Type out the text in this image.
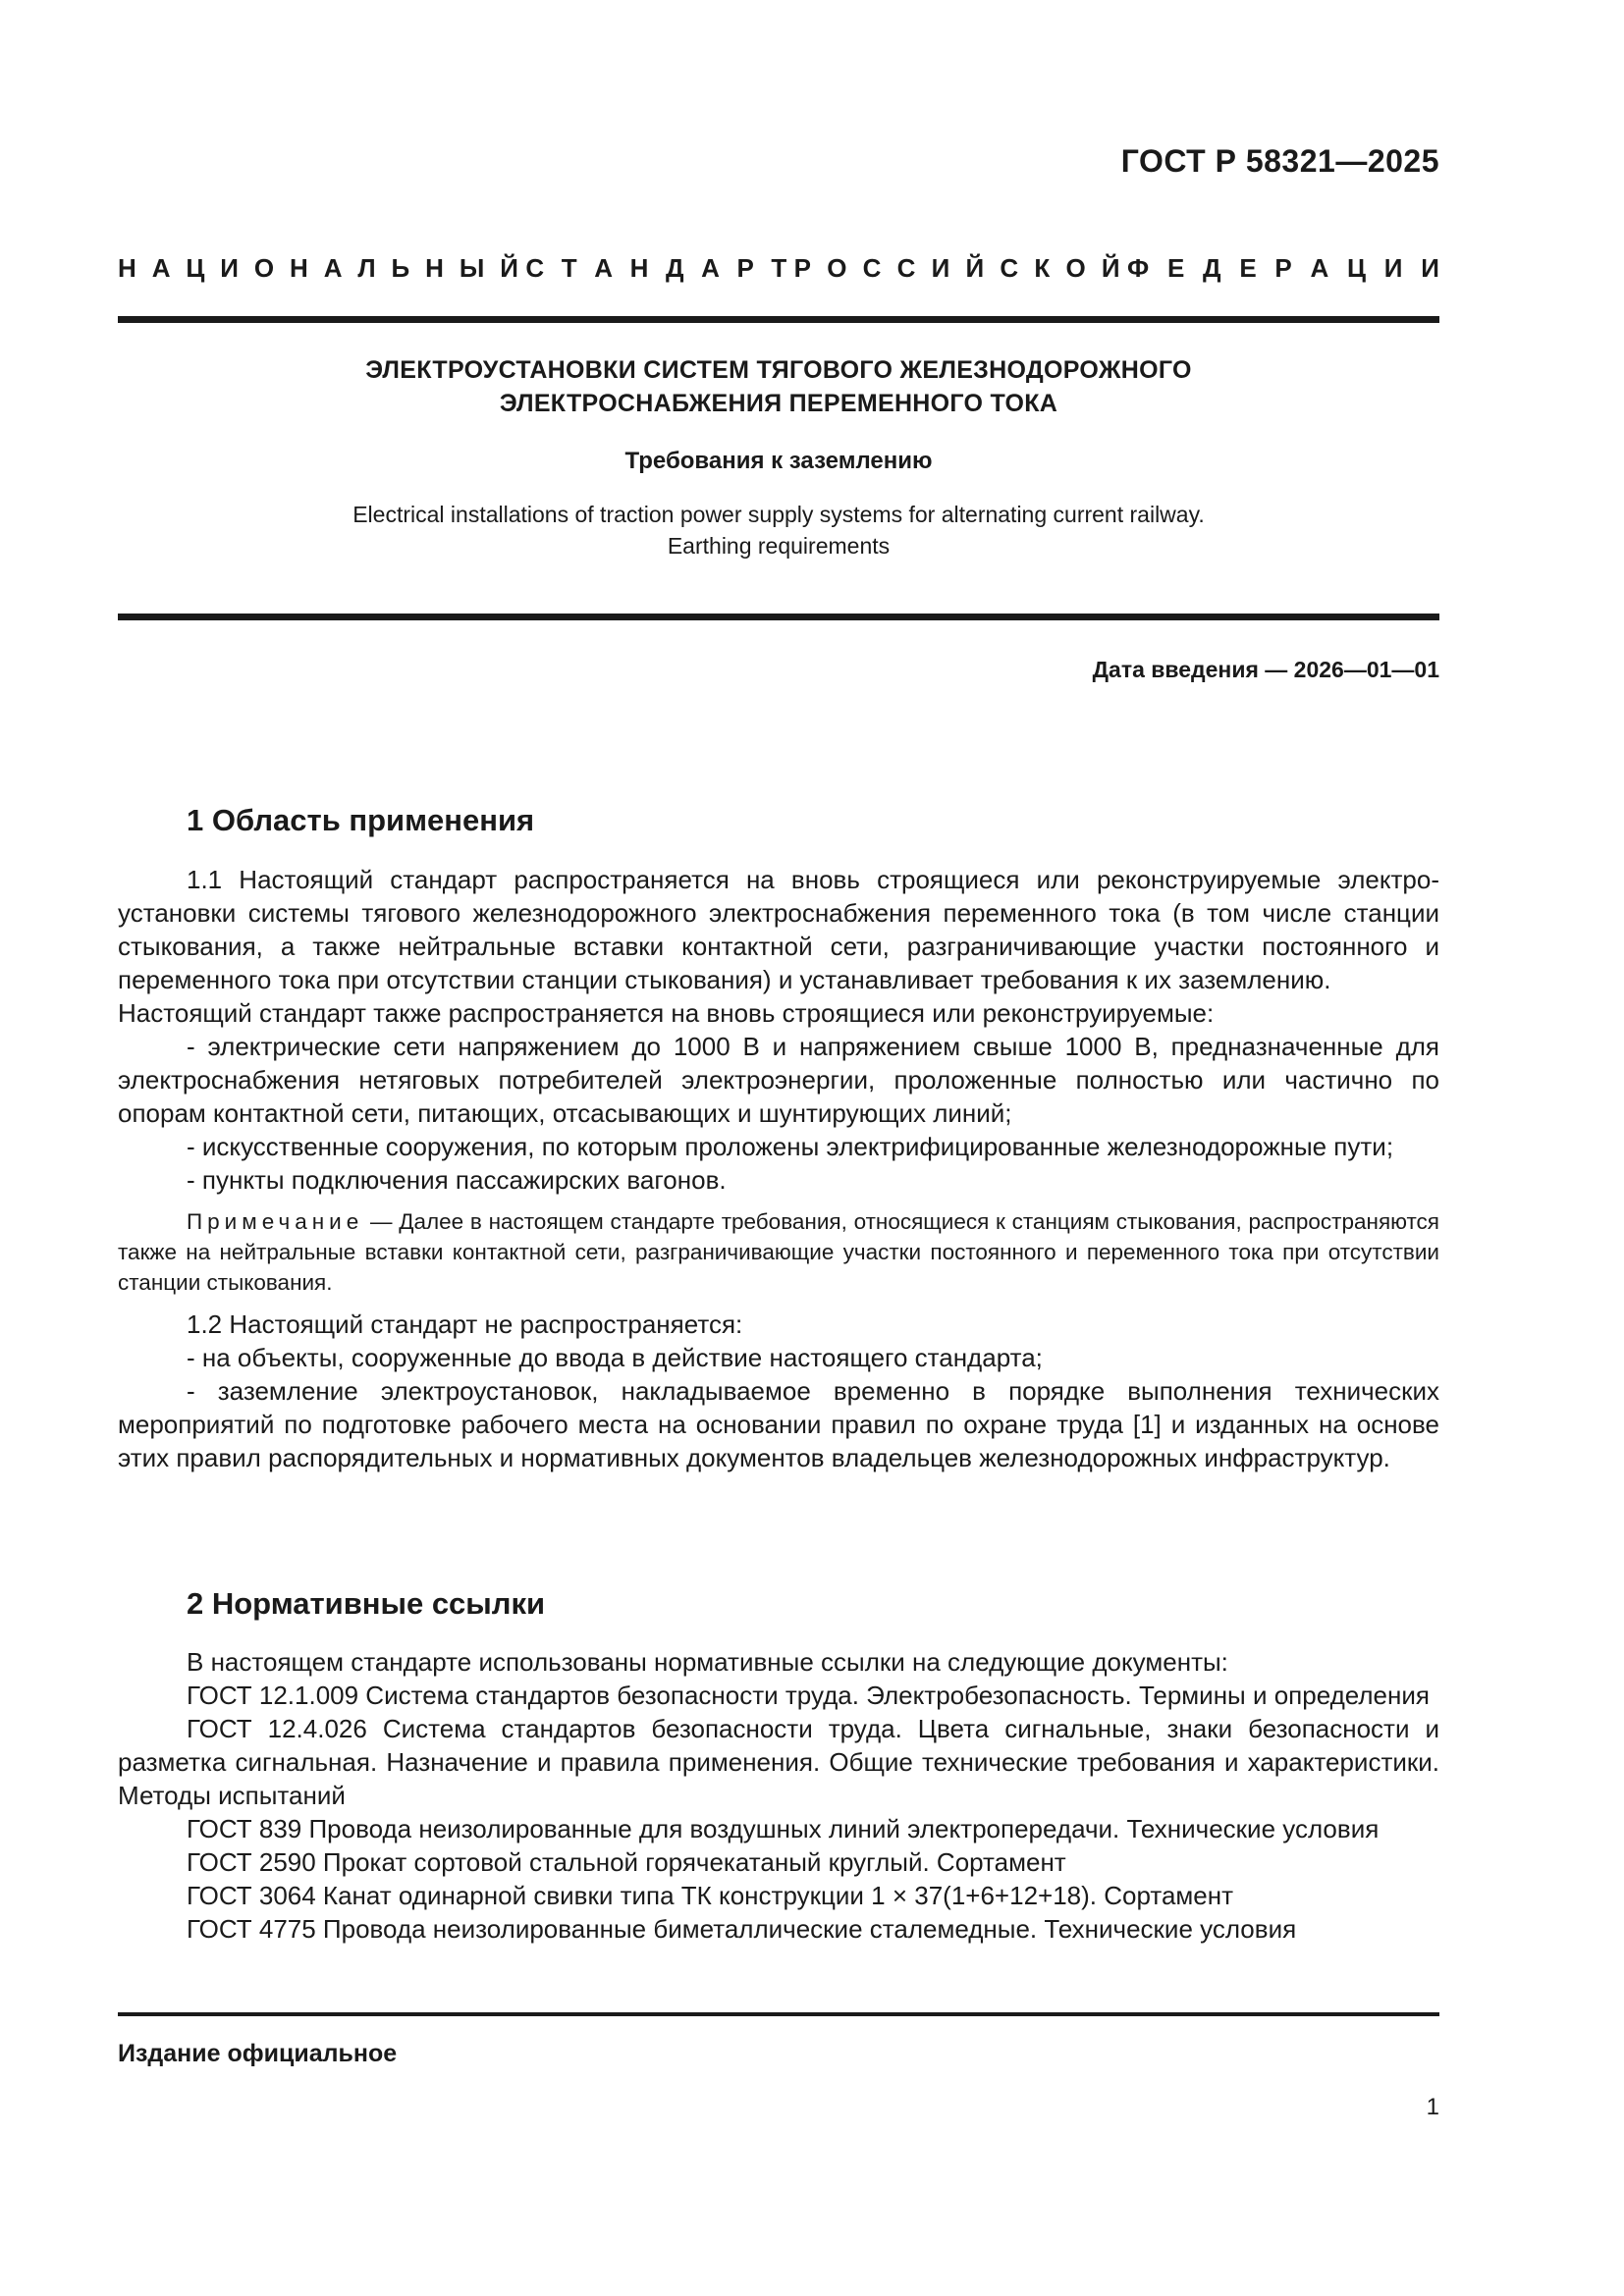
ГОСТ Р 58321—2025
Н А Ц И О Н А Л Ь Н Ы Й С Т А Н Д А Р Т Р О С С И Й С К О Й Ф Е Д Е Р А Ц И И
ЭЛЕКТРОУСТАНОВКИ СИСТЕМ ТЯГОВОГО ЖЕЛЕЗНОДОРОЖНОГО
ЭЛЕКТРОСНАБЖЕНИЯ ПЕРЕМЕННОГО ТОКА
Требования к заземлению
Electrical installations of traction power supply systems for alternating current railway.
Earthing requirements
Дата введения — 2026—01—01
1 Область применения

1.1 Настоящий стандарт распространяется на вновь строящиеся или реконструируемые электроустановки системы тягового железнодорожного электроснабжения переменного тока (в том числе станции стыкования, а также нейтральные вставки контактной сети, разграничивающие участки постоянного и переменного тока при отсутствии станции стыкования) и устанавливает требования к их заземлению.

Настоящий стандарт также распространяется на вновь строящиеся или реконструируемые:

- электрические сети напряжением до 1000 В и напряжением свыше 1000 В, предназначенные для электроснабжения нетяговых потребителей электроэнергии, проложенные полностью или частично по опорам контактной сети, питающих, отсасывающих и шунтирующих линий;

- искусственные сооружения, по которым проложены электрифицированные железнодорожные пути;

- пункты подключения пассажирских вагонов.

Примечание — Далее в настоящем стандарте требования, относящиеся к станциям стыкования, распространяются также на нейтральные вставки контактной сети, разграничивающие участки постоянного и переменного тока при отсутствии станции стыкования.

1.2 Настоящий стандарт не распространяется:

- на объекты, сооруженные до ввода в действие настоящего стандарта;

- заземление электроустановок, накладываемое временно в порядке выполнения технических мероприятий по подготовке рабочего места на основании правил по охране труда [1] и изданных на основе этих правил распорядительных и нормативных документов владельцев железнодорожных инфраструктур.

2 Нормативные ссылки

В настоящем стандарте использованы нормативные ссылки на следующие документы:

ГОСТ 12.1.009 Система стандартов безопасности труда. Электробезопасность. Термины и определения

ГОСТ 12.4.026 Система стандартов безопасности труда. Цвета сигнальные, знаки безопасности и разметка сигнальная. Назначение и правила применения. Общие технические требования и характеристики. Методы испытаний

ГОСТ 839 Провода неизолированные для воздушных линий электропередачи. Технические условия

ГОСТ 2590 Прокат сортовой стальной горячекатаный круглый. Сортамент

ГОСТ 3064 Канат одинарной свивки типа ТК конструкции 1 × 37(1+6+12+18). Сортамент

ГОСТ 4775 Провода неизолированные биметаллические сталемедные. Технические условия

Издание официальное
1
